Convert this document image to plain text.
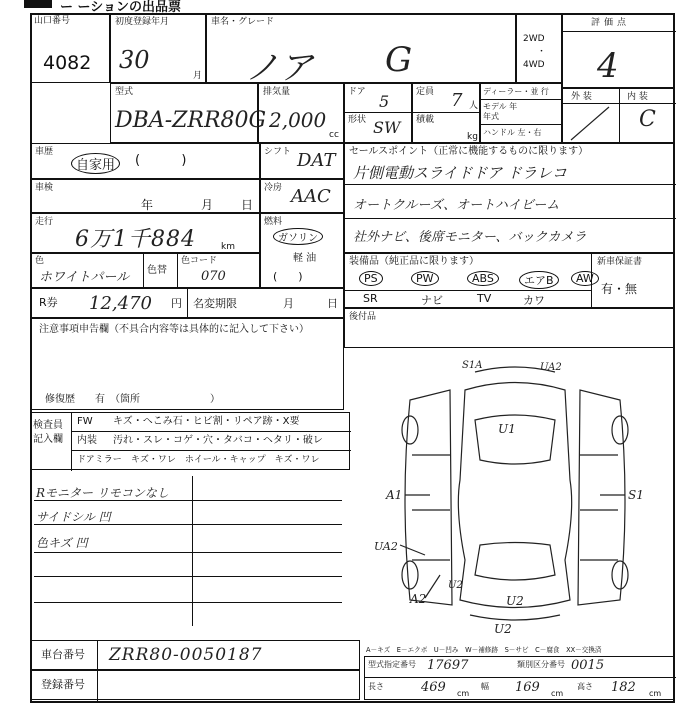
ー ーションの出品票
山口番号
4082
初度登録年月
30
月
車名・グレード
ノア G
2WD
・
4WD
評価点
4
型式
DBA-ZRR80G
排気量
2,000
cc
ドア 5
形状 SW
定員 7 人
積載
kg
ディーラー・並 行
モデル 年
年式
ハンドル 左・右
外 装	内 装
C
車歴
自家用	(          )
シフト DAT
車検
年	月 日
冷房 AAC
走行
6万1千884	km
燃料
ガソリン
軽 油
(      )
色
ホワイトパール 色替
色コード
070
R券 12,470 円 名変期限	月	日
セールスポイント（正常に機能するものに限ります）
片側電動スライドドア ドラレコ
オートクルーズ、オートハイビーム
社外ナビ、後席モニター、バックカメラ
装備品（純正品に限ります）	新車保証書
有・無
PS	PW	ABS	エアB	AW
SR	ナビ	TV	カワ
後付品
注意事項申告欄（不具合内容等は具体的に記入して下さい）
修復歴　　有　（箇所　　　　　　　）
検査員
記入欄
FW キズ・へこみ石・ヒビ割・リペア跡・X要
内装 汚れ・スレ・コゲ・穴・タバコ・ヘタリ・破レ
ドアミラー キズ・ワレ　ホイール・キャップ　キズ・ワレ
Rモニター リモコンなし
サイドシル 凹
色キズ 凹
S1A	UA2
U1
A1	S1
UA2
U2
A2	U2
U2
A－キズ　E－エクボ　U－凹み　W－補修跡　S－サビ　C－腐食　XX－交換済
車台番号 ZRR80-0050187
登録番号
型式指定番号 17697	類別区分番号 0015
長さ	469 cm
幅 169 cm
高さ 182 cm
